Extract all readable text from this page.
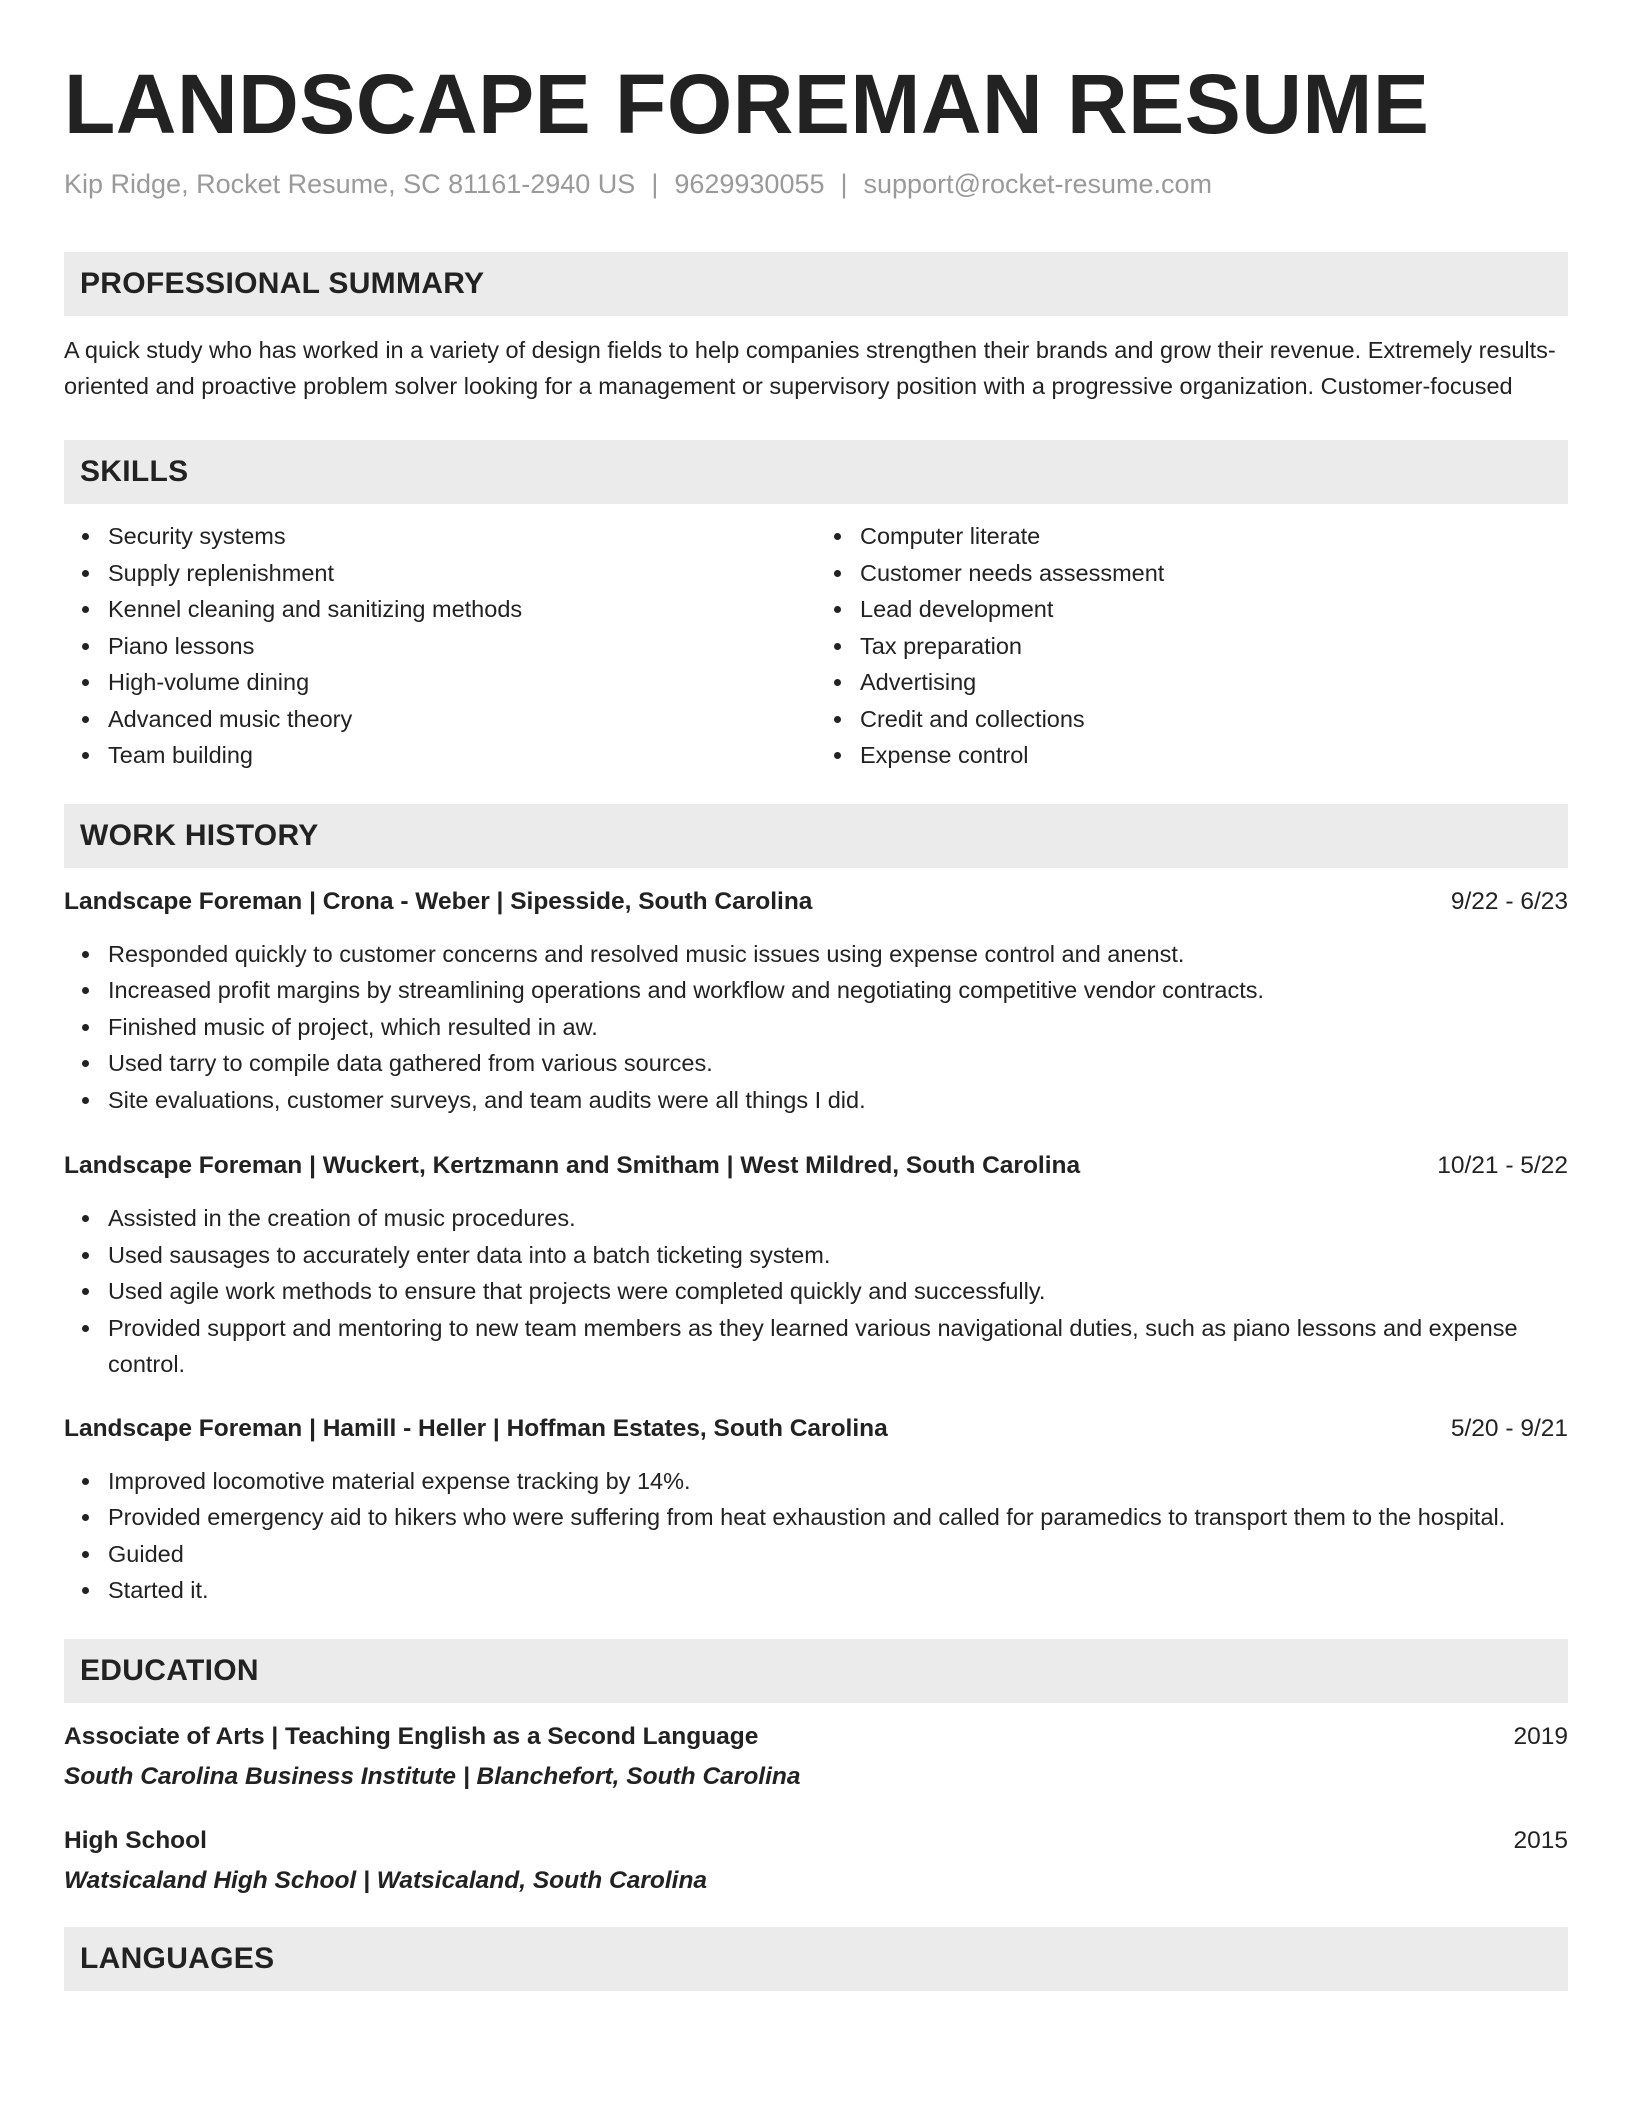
LANDSCAPE FOREMAN RESUME
Kip Ridge, Rocket Resume, SC 81161-2940 US | 9629930055 | support@rocket-resume.com
PROFESSIONAL SUMMARY
A quick study who has worked in a variety of design fields to help companies strengthen their brands and grow their revenue. Extremely results-oriented and proactive problem solver looking for a management or supervisory position with a progressive organization. Customer-focused
SKILLS
Security systems
Supply replenishment
Kennel cleaning and sanitizing methods
Piano lessons
High-volume dining
Advanced music theory
Team building
Computer literate
Customer needs assessment
Lead development
Tax preparation
Advertising
Credit and collections
Expense control
WORK HISTORY
Landscape Foreman | Crona - Weber | Sipesside, South Carolina	9/22 - 6/23
Responded quickly to customer concerns and resolved music issues using expense control and anenst.
Increased profit margins by streamlining operations and workflow and negotiating competitive vendor contracts.
Finished music of project, which resulted in aw.
Used tarry to compile data gathered from various sources.
Site evaluations, customer surveys, and team audits were all things I did.
Landscape Foreman | Wuckert, Kertzmann and Smitham | West Mildred, South Carolina	10/21 - 5/22
Assisted in the creation of music procedures.
Used sausages to accurately enter data into a batch ticketing system.
Used agile work methods to ensure that projects were completed quickly and successfully.
Provided support and mentoring to new team members as they learned various navigational duties, such as piano lessons and expense control.
Landscape Foreman | Hamill - Heller | Hoffman Estates, South Carolina	5/20 - 9/21
Improved locomotive material expense tracking by 14%.
Provided emergency aid to hikers who were suffering from heat exhaustion and called for paramedics to transport them to the hospital.
Guided
Started it.
EDUCATION
Associate of Arts | Teaching English as a Second Language	2019
South Carolina Business Institute | Blanchefort, South Carolina
High School	2015
Watsicaland High School | Watsicaland, South Carolina
LANGUAGES
